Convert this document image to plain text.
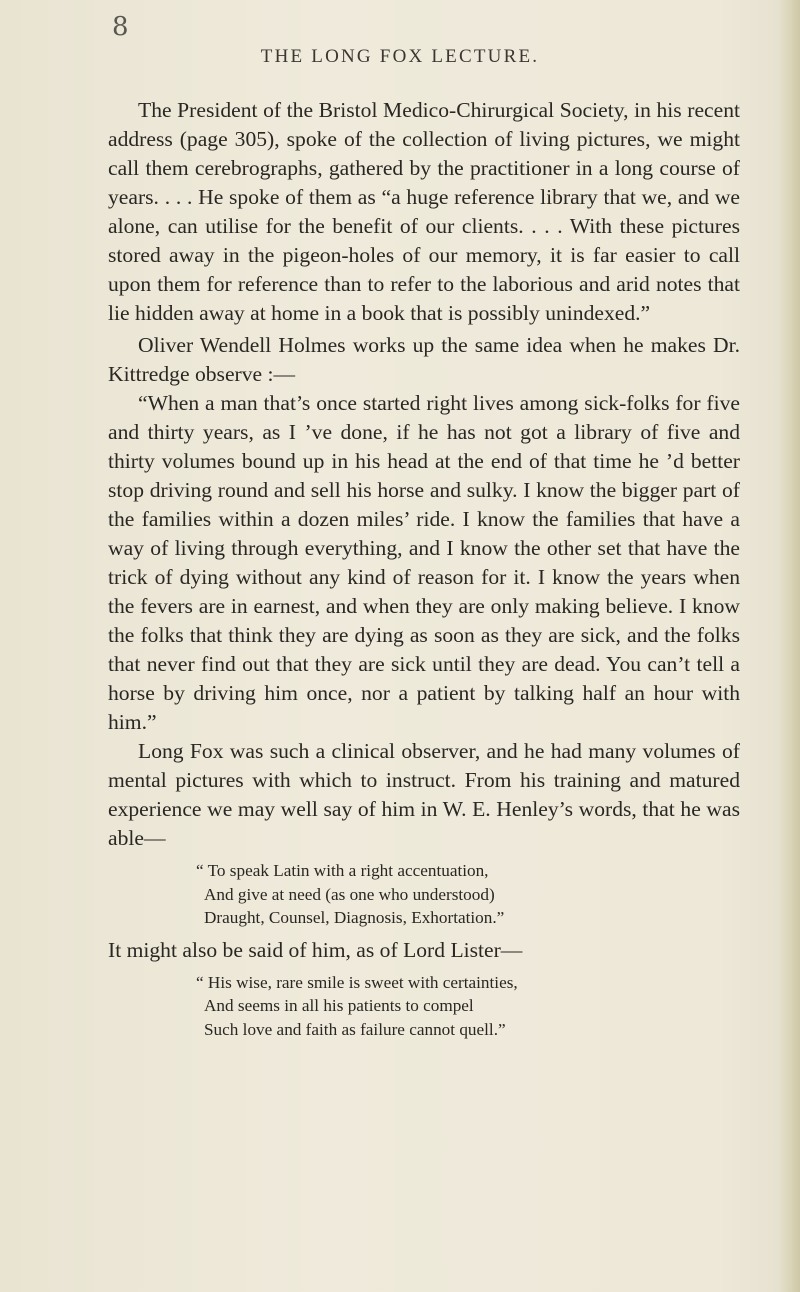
8

THE LONG FOX LECTURE.

The President of the Bristol Medico-Chirurgical Society, in his recent address (page 305), spoke of the collection of living pictures, we might call them cerebrographs, gathered by the practitioner in a long course of years. . . . He spoke of them as “a huge reference library that we, and we alone, can utilise for the benefit of our clients. . . . With these pictures stored away in the pigeon-holes of our memory, it is far easier to call upon them for reference than to refer to the laborious and arid notes that lie hidden away at home in a book that is possibly unindexed.”

Oliver Wendell Holmes works up the same idea when he makes Dr. Kittredge observe :—

“When a man that’s once started right lives among sick-folks for five and thirty years, as I ’ve done, if he has not got a library of five and thirty volumes bound up in his head at the end of that time he ’d better stop driving round and sell his horse and sulky. I know the bigger part of the families within a dozen miles’ ride. I know the families that have a way of living through everything, and I know the other set that have the trick of dying without any kind of reason for it. I know the years when the fevers are in earnest, and when they are only making believe. I know the folks that think they are dying as soon as they are sick, and the folks that never find out that they are sick until they are dead. You can’t tell a horse by driving him once, nor a patient by talking half an hour with him.”

Long Fox was such a clinical observer, and he had many volumes of mental pictures with which to instruct. From his training and matured experience we may well say of him in W. E. Henley’s words, that he was able—

“ To speak Latin with a right accentuation,
And give at need (as one who understood)
Draught, Counsel, Diagnosis, Exhortation.”

It might also be said of him, as of Lord Lister—

“ His wise, rare smile is sweet with certainties,
And seems in all his patients to compel
Such love and faith as failure cannot quell.”
